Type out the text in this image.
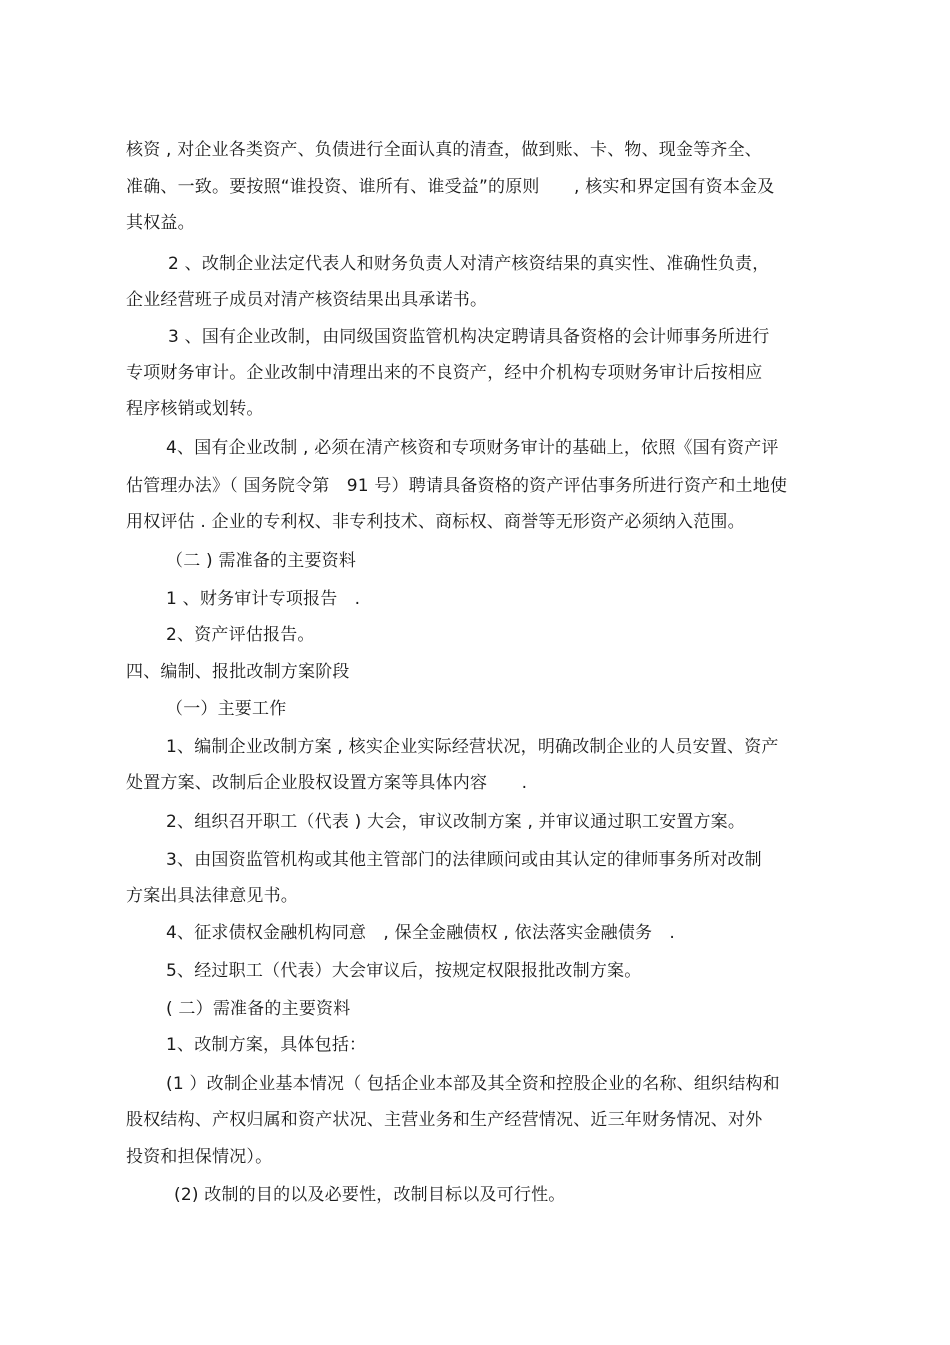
核资 , 对企业各类资产、负债进行全面认真的清查，做到账、卡、物、现金等齐全、
准确、一致。要按照“谁投资、谁所有、谁受益”的原则　　, 核实和界定国有资本金及
其权益。
2 、改制企业法定代表人和财务负责人对清产核资结果的真实性、准确性负责，
企业经营班子成员对清产核资结果出具承诺书。
3 、国有企业改制，由同级国资监管机构决定聘请具备资格的会计师事务所进行
专项财务审计。企业改制中清理出来的不良资产，经中介机构专项财务审计后按相应
程序核销或划转。
4、国有企业改制 , 必须在清产核资和专项财务审计的基础上，依照《国有资产评
估管理办法》（ 国务院令第　91 号）聘请具备资格的资产评估事务所进行资产和土地使
用权评估 . 企业的专利权、非专利技术、商标权、商誉等无形资产必须纳入范围。
（二 ) 需准备的主要资料
1 、财务审计专项报告　.
2、资产评估报告。
四、编制、报批改制方案阶段
（一）主要工作
1、编制企业改制方案 , 核实企业实际经营状况，明确改制企业的人员安置、资产
处置方案、改制后企业股权设置方案等具体内容　　.
2、组织召开职工（代表 ) 大会，审议改制方案 , 并审议通过职工安置方案。
3、由国资监管机构或其他主管部门的法律顾问或由其认定的律师事务所对改制
方案出具法律意见书。
4、征求债权金融机构同意　, 保全金融债权 , 依法落实金融债务　.
5、经过职工（代表）大会审议后，按规定权限报批改制方案。
( 二）需准备的主要资料
1、改制方案，具体包括：
(1 ）改制企业基本情况（ 包括企业本部及其全资和控股企业的名称、组织结构和
股权结构、产权归属和资产状况、主营业务和生产经营情况、近三年财务情况、对外
投资和担保情况）。
(2) 改制的目的以及必要性，改制目标以及可行性。
